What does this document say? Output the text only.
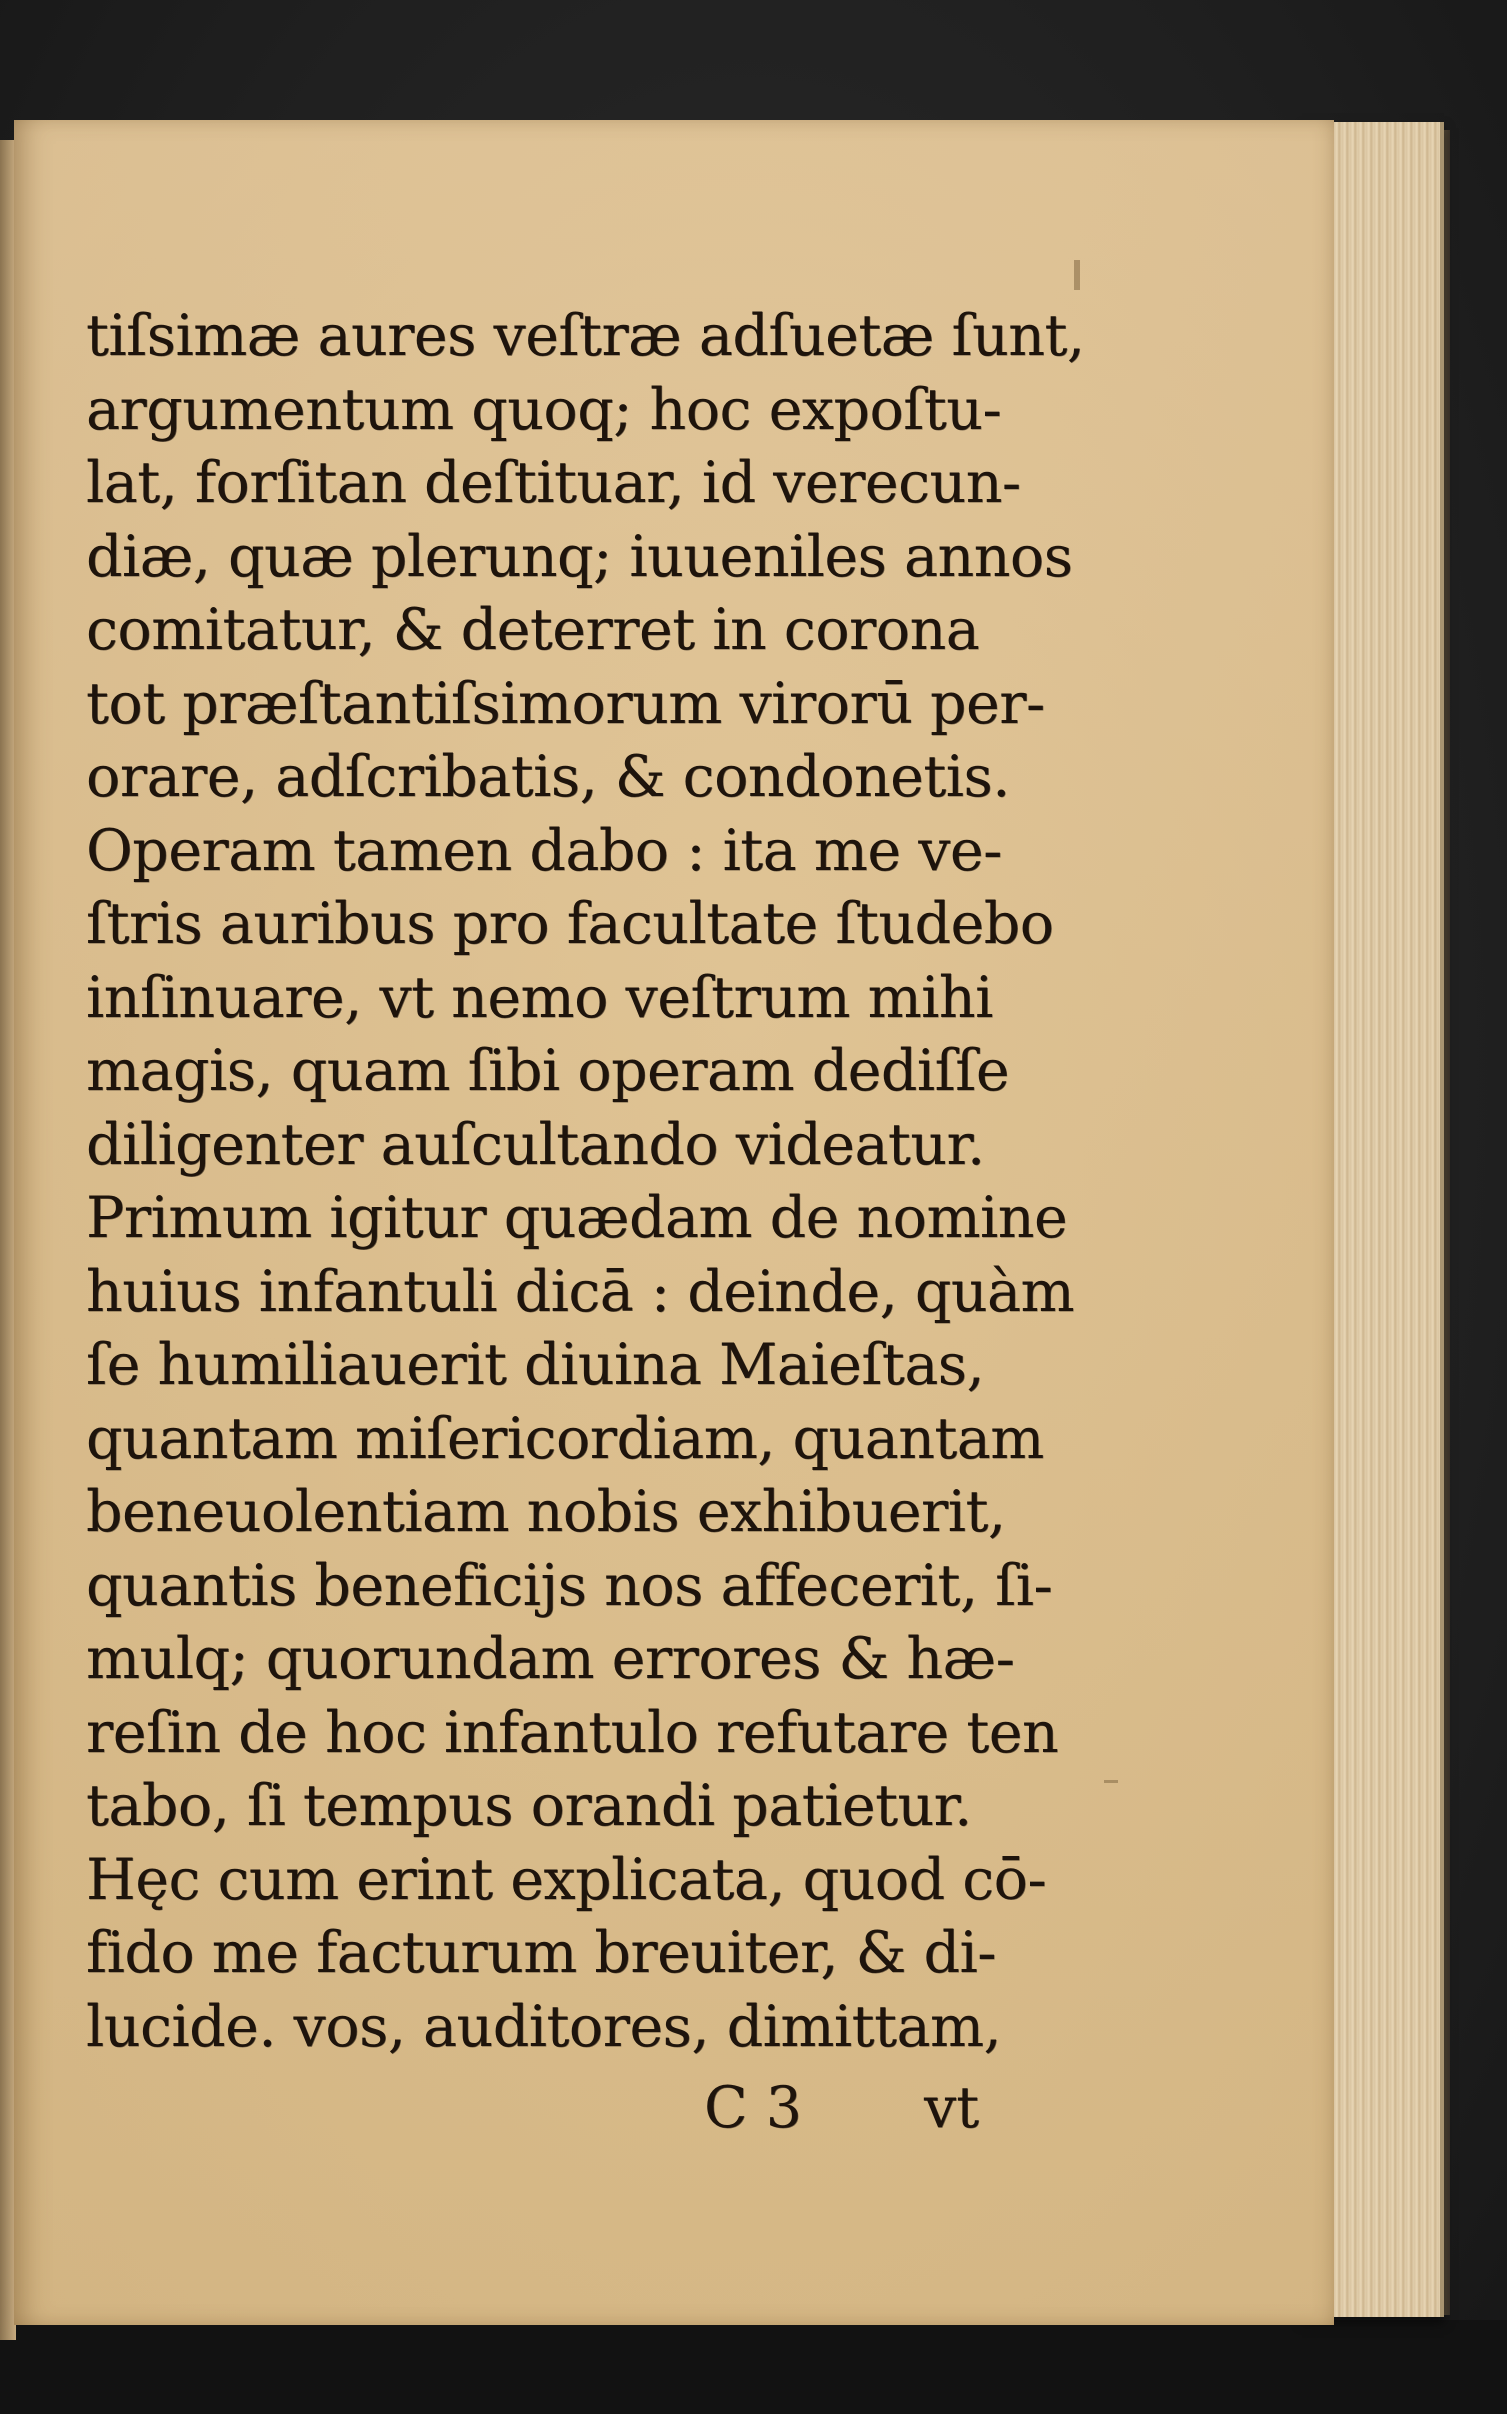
tiſsimæ aures veſtræ adſuetæ ſunt,
argumentum quoq; hoc expoſtu-
lat, forſitan deſtituar, id verecun-
diæ, quæ plerunq; iuueniles annos
comitatur, & deterret in corona
tot præſtantiſsimorum virorū per-
orare, adſcribatis, & condonetis.
Operam tamen dabo : ita me ve-
ſtris auribus pro facultate ſtudebo
inſinuare, vt nemo veſtrum mihi
magis, quam ſibi operam dediſſe
diligenter auſcultando videatur.
Primum igitur quædam de nomine
huius infantuli dicā : deinde, quàm
ſe humiliauerit diuina Maieſtas,
quantam miſericordiam, quantam
beneuolentiam nobis exhibuerit,
quantis beneficijs nos affecerit, ſi-
mulq; quorundam errores & hæ-
reſin de hoc infantulo refutare ten
tabo, ſi tempus orandi patietur.
Hęc cum erint explicata, quod cō-
fido me facturum breuiter, & di-
lucide. vos, auditores, dimittam,
C 3 vt
